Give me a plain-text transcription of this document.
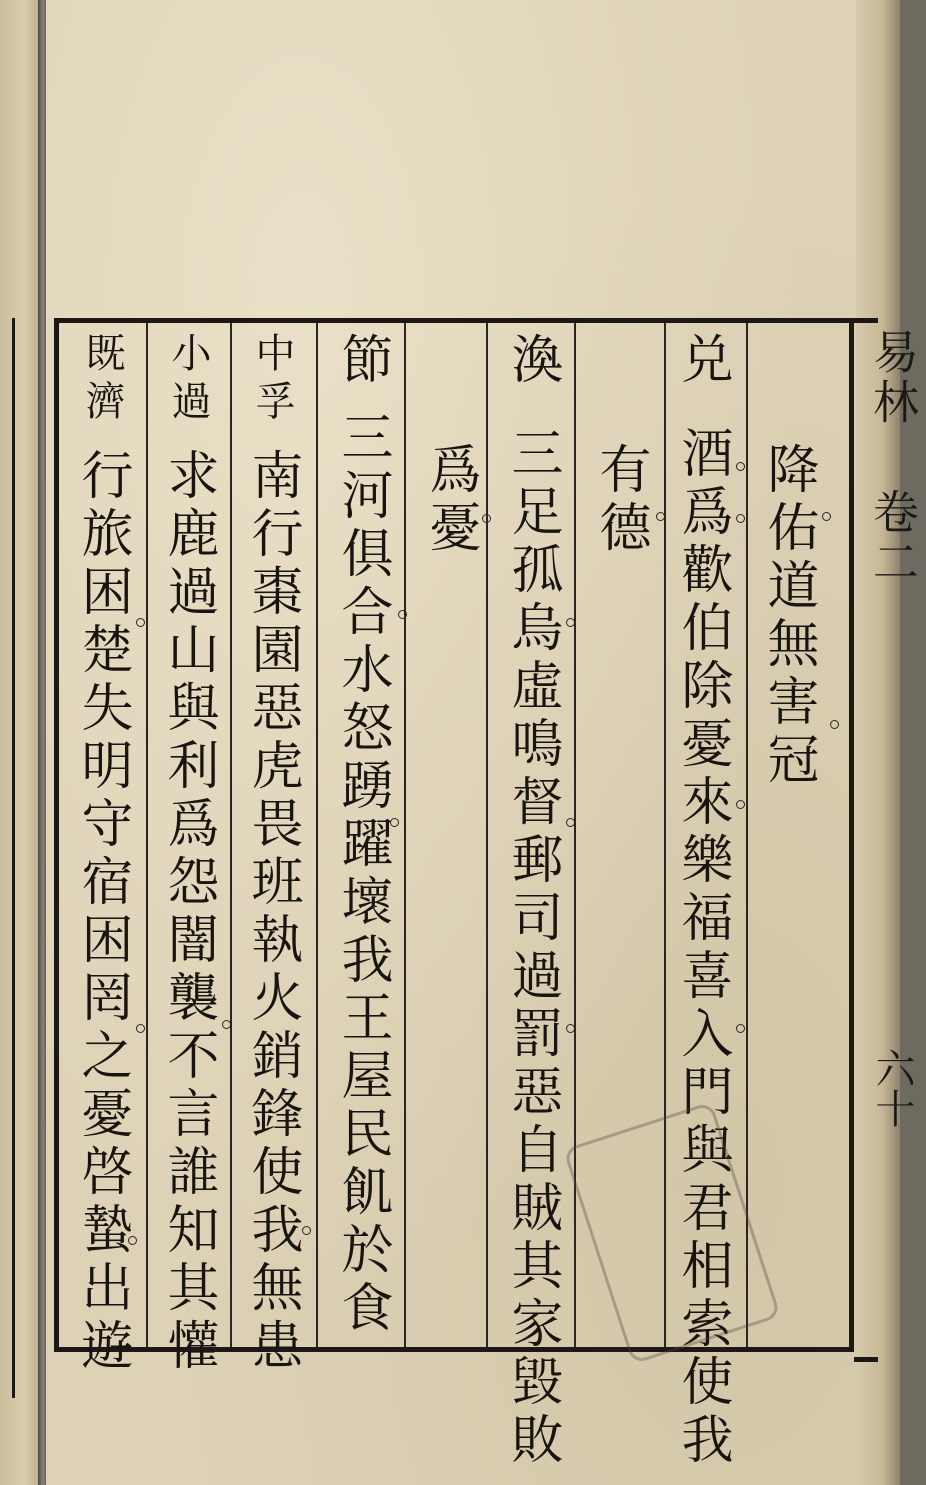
易林卷二
六十
降佑道無害冠
兑酒爲歡伯除憂來樂福喜入門與君相索使我
有德
渙三足孤烏虛鳴督郵司過罰惡自賊其家毀敗
爲憂
節三河俱合水怒踴躍壞我王屋民飢於食
中孚南行棗園惡虎畏班執火銷鋒使我無患
小過求鹿過山與利爲怨闇襲不言誰知其懽
既濟行旅困楚失明守宿困罔之憂啓蟄出遊
